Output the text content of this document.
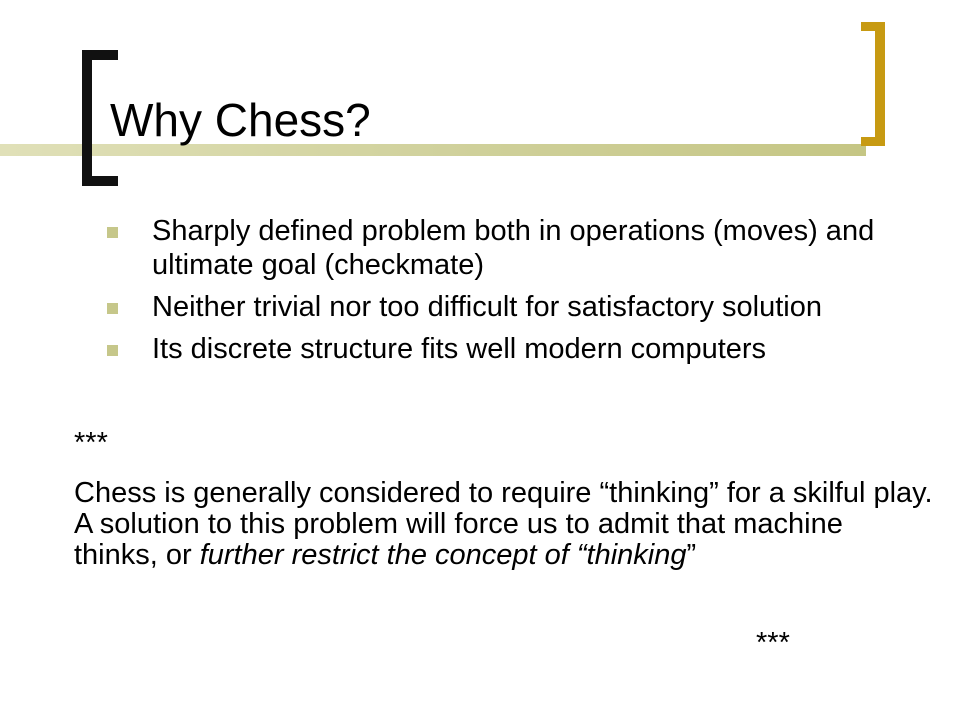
Why Chess?
Sharply defined problem both in operations (moves) and ultimate goal (checkmate)
Neither trivial nor too difficult for satisfactory solution
Its discrete structure fits well modern computers
***

Chess is generally considered to require “thinking” for a skilful play. A solution to this problem will force us to admit that machine thinks, or further restrict the concept of “thinking”

***
